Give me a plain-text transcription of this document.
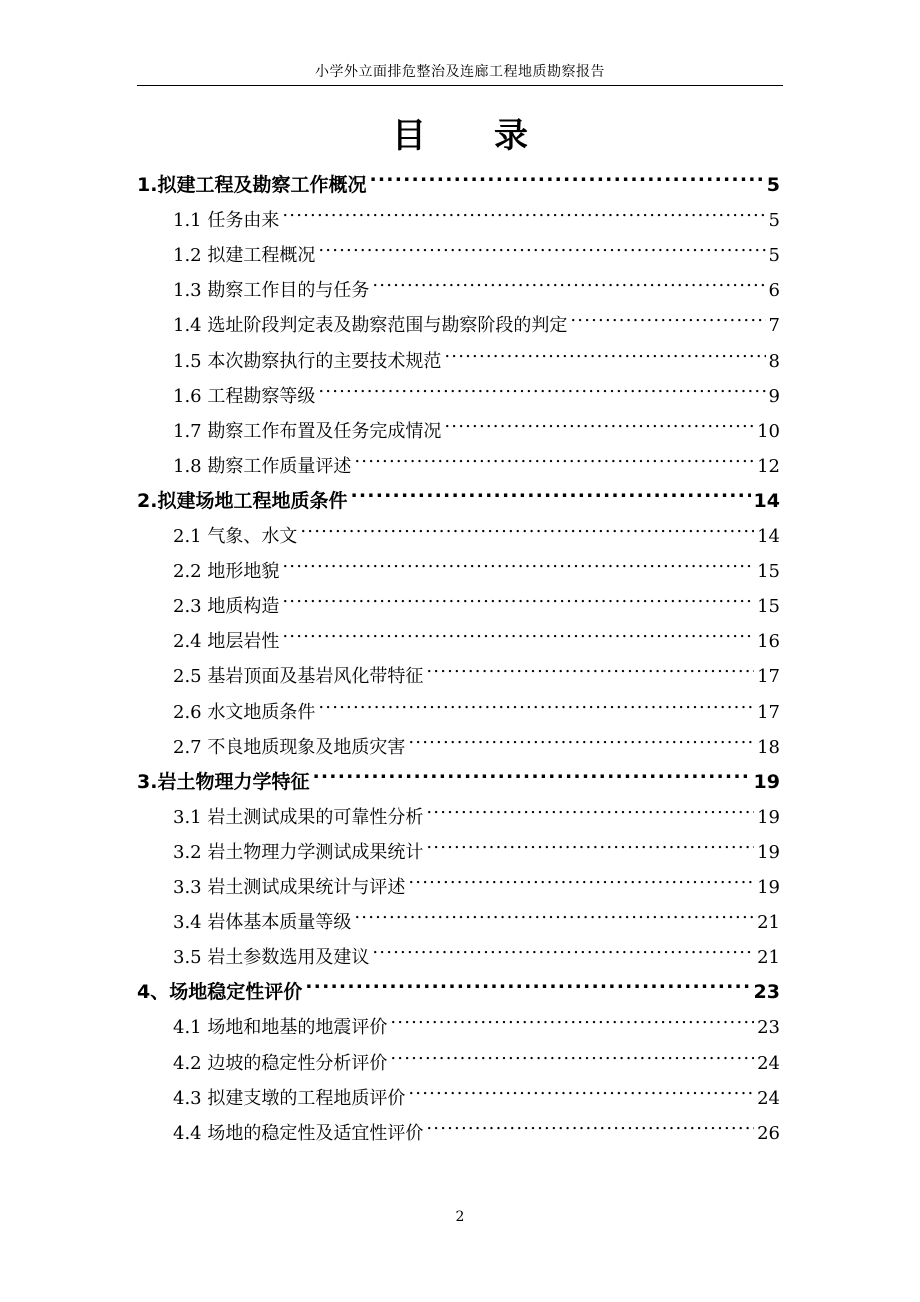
小学外立面排危整治及连廊工程地质勘察报告
目　　录
1.拟建工程及勘察工作概况 .....	5
1.1 任务由来 .....	5
1.2 拟建工程概况 .....	5
1.3 勘察工作目的与任务 .....	6
1.4 选址阶段判定表及勘察范围与勘察阶段的判定 .....	7
1.5 本次勘察执行的主要技术规范 .....	8
1.6 工程勘察等级 .....	9
1.7 勘察工作布置及任务完成情况 .....	10
1.8 勘察工作质量评述 .....	12
2.拟建场地工程地质条件 .....	14
2.1 气象、水文 .....	14
2.2 地形地貌 .....	15
2.3 地质构造 .....	15
2.4 地层岩性 .....	16
2.5 基岩顶面及基岩风化带特征 .....	17
2.6 水文地质条件 .....	17
2.7 不良地质现象及地质灾害 .....	18
3.岩土物理力学特征 .....	19
3.1 岩土测试成果的可靠性分析 .....	19
3.2 岩土物理力学测试成果统计 .....	19
3.3 岩土测试成果统计与评述 .....	19
3.4 岩体基本质量等级 .....	21
3.5 岩土参数选用及建议 .....	21
4、场地稳定性评价 .....	23
4.1 场地和地基的地震评价 .....	23
4.2 边坡的稳定性分析评价 .....	24
4.3 拟建支墩的工程地质评价 .....	24
4.4 场地的稳定性及适宜性评价 .....	26
2
